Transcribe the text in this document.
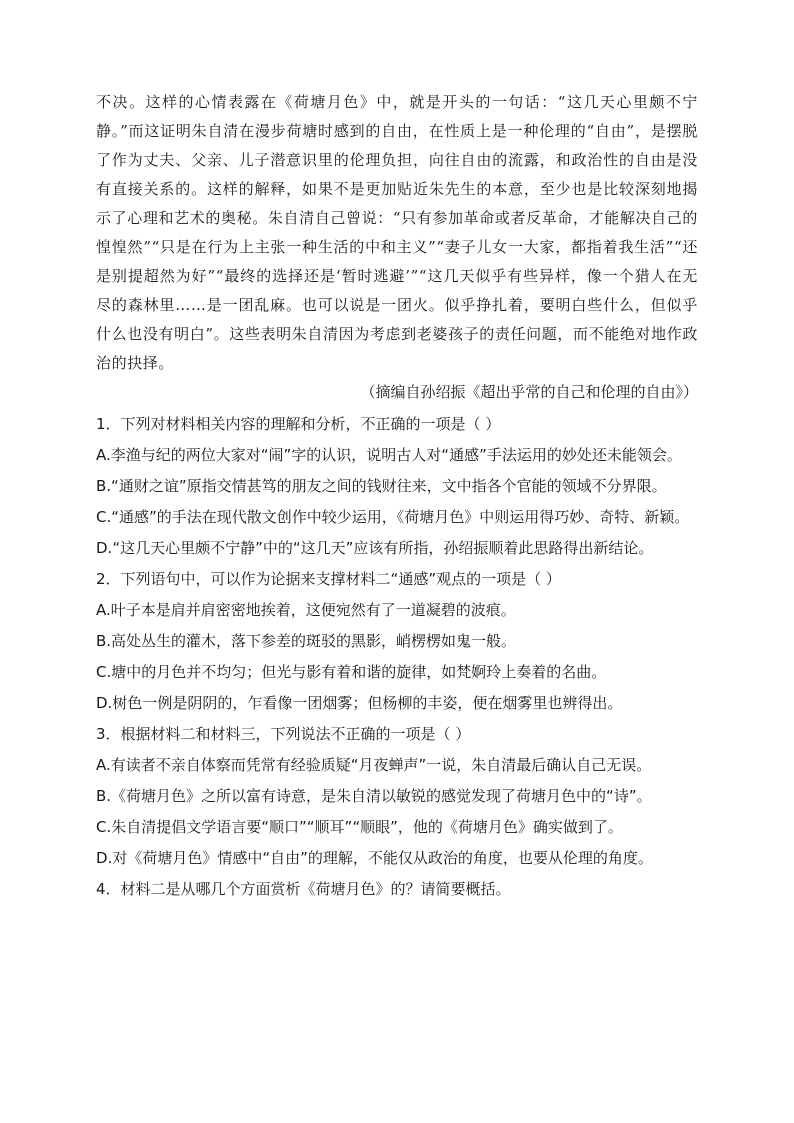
不决。这样的心情表露在《荷塘月色》中，就是开头的一句话：“这几天心里颇不宁静。”而这证明朱自清在漫步荷塘时感到的自由，在性质上是一种伦理的“自由”，是摆脱了作为丈夫、父亲、儿子潜意识里的伦理负担，向往自由的流露，和政治性的自由是没有直接关系的。这样的解释，如果不是更加贴近朱先生的本意，至少也是比较深刻地揭示了心理和艺术的奥秘。朱自清自己曾说：“只有参加革命或者反革命，才能解决自己的惶惶然”“只是在行为上主张一种生活的中和主义”“妻子儿女一大家，都指着我生活”“还是别提超然为好”“最终的选择还是‘暂时逃避’”“这几天似乎有些异样，像一个猎人在无尽的森林里……是一团乱麻。也可以说是一团火。似乎挣扎着，要明白些什么，但似乎什么也没有明白”。这些表明朱自清因为考虑到老婆孩子的责任问题，而不能绝对地作政治的抉择。

（摘编自孙绍振《超出乎常的自己和伦理的自由》）

1．下列对材料相关内容的理解和分析，不正确的一项是（ ）

A.李渔与纪的两位大家对“闹”字的认识，说明古人对“通感”手法运用的妙处还未能领会。

B.“通财之谊”原指交情甚笃的朋友之间的钱财往来，文中指各个官能的领域不分界限。

C.“通感”的手法在现代散文创作中较少运用，《荷塘月色》中则运用得巧妙、奇特、新颖。

D.“这几天心里颇不宁静”中的“这几天”应该有所指，孙绍振顺着此思路得出新结论。

2．下列语句中，可以作为论据来支撑材料二“通感”观点的一项是（ ）

A.叶子本是肩并肩密密地挨着，这便宛然有了一道凝碧的波痕。

B.高处丛生的灌木，落下参差的斑驳的黑影，峭楞楞如鬼一般。

C.塘中的月色并不均匀；但光与影有着和谐的旋律，如梵婀玲上奏着的名曲。

D.树色一例是阴阴的，乍看像一团烟雾；但杨柳的丰姿，便在烟雾里也辨得出。

3．根据材料二和材料三，下列说法不正确的一项是（ ）

A.有读者不亲自体察而凭常有经验质疑“月夜蝉声”一说，朱自清最后确认自己无误。

B.《荷塘月色》之所以富有诗意，是朱自清以敏锐的感觉发现了荷塘月色中的“诗”。

C.朱自清提倡文学语言要“顺口”“顺耳”“顺眼”，他的《荷塘月色》确实做到了。

D.对《荷塘月色》情感中“自由”的理解，不能仅从政治的角度，也要从伦理的角度。

4．材料二是从哪几个方面赏析《荷塘月色》的？请简要概括。
